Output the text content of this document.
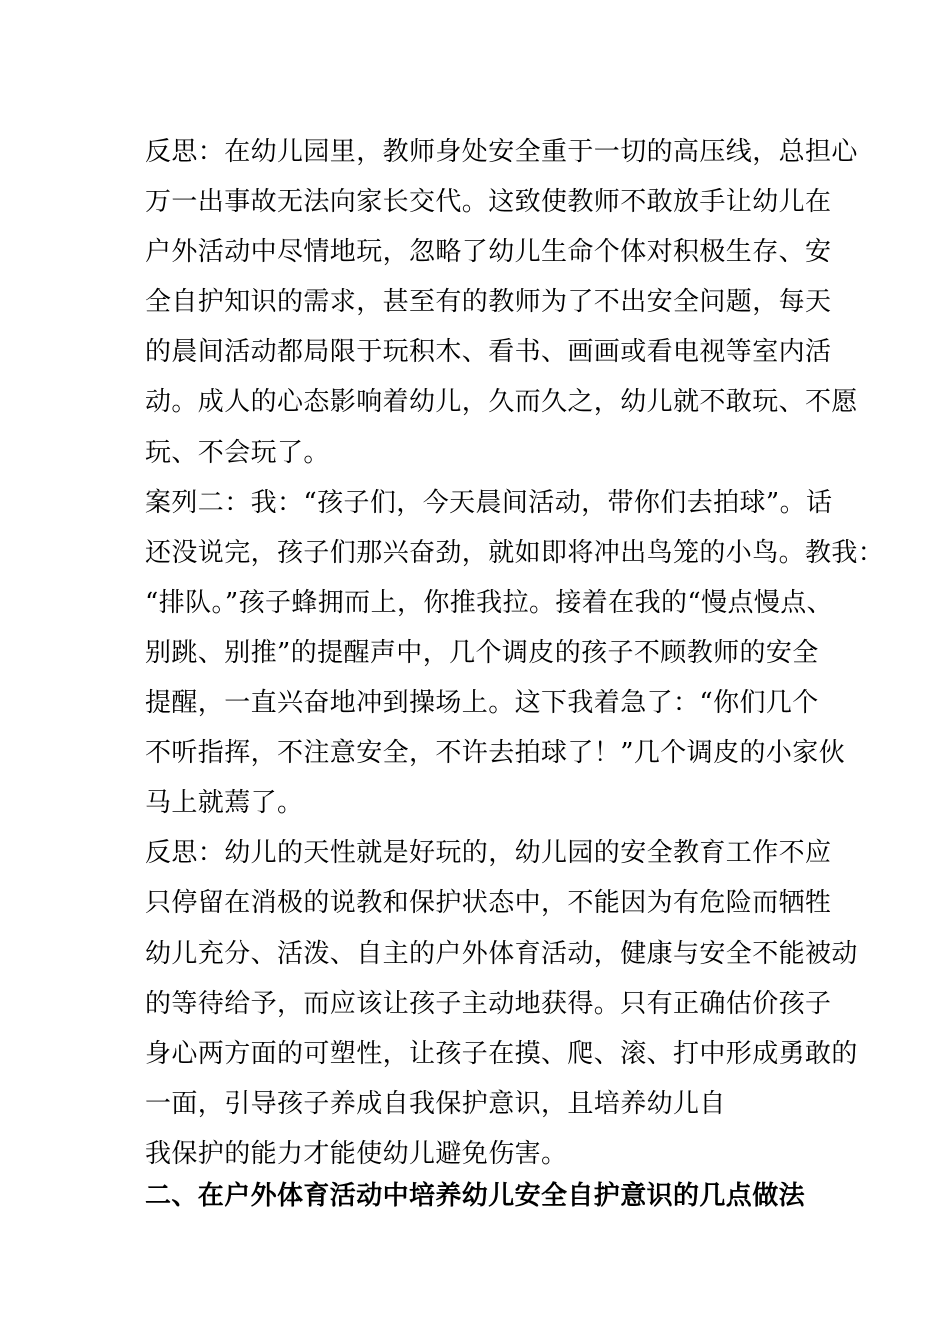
反思：在幼儿园里，教师身处安全重于一切的高压线，总担心
万一出事故无法向家长交代。这致使教师不敢放手让幼儿在
户外活动中尽情地玩，忽略了幼儿生命个体对积极生存、安
全自护知识的需求，甚至有的教师为了不出安全问题，每天
的晨间活动都局限于玩积木、看书、画画或看电视等室内活
动。成人的心态影响着幼儿，久而久之，幼儿就不敢玩、不愿
玩、不会玩了。
案列二：我：“孩子们，今天晨间活动，带你们去拍球”。话
还没说完，孩子们那兴奋劲，就如即将冲出鸟笼的小鸟。教我：
“排队。”孩子蜂拥而上，你推我拉。接着在我的“慢点慢点、
别跳、别推”的提醒声中，几个调皮的孩子不顾教师的安全
提醒，一直兴奋地冲到操场上。这下我着急了：“你们几个
不听指挥，不注意安全，不许去拍球了！”几个调皮的小家伙
马上就蔫了。
反思：幼儿的天性就是好玩的，幼儿园的安全教育工作不应
只停留在消极的说教和保护状态中，不能因为有危险而牺牲
幼儿充分、活泼、自主的户外体育活动，健康与安全不能被动
的等待给予，而应该让孩子主动地获得。只有正确估价孩子
身心两方面的可塑性，让孩子在摸、爬、滚、打中形成勇敢的
一面，引导孩子养成自我保护意识，且培养幼儿自
我保护的能力才能使幼儿避免伤害。
二、在户外体育活动中培养幼儿安全自护意识的几点做法
